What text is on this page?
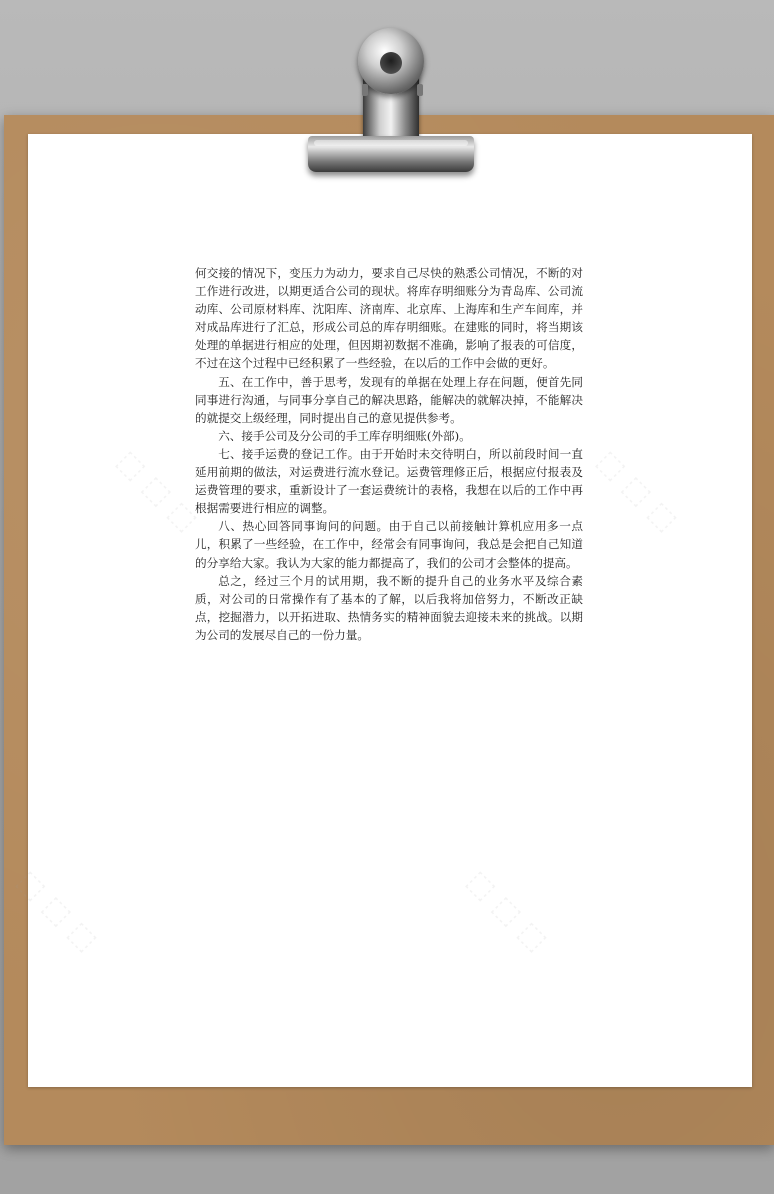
⬚ ⬚ ⬚	⬚ ⬚ ⬚
⬚ ⬚ ⬚	⬚ ⬚ ⬚

何交接的情况下，变压力为动力，要求自己尽快的熟悉公司情况，不断的对工作进行改进，以期更适合公司的现状。将库存明细账分为青岛库、公司流动库、公司原材料库、沈阳库、济南库、北京库、上海库和生产车间库，并对成品库进行了汇总，形成公司总的库存明细账。在建账的同时，将当期该处理的单据进行相应的处理，但因期初数据不准确，影响了报表的可信度，不过在这个过程中已经积累了一些经验，在以后的工作中会做的更好。

五、在工作中，善于思考，发现有的单据在处理上存在问题，便首先同同事进行沟通，与同事分享自己的解决思路，能解决的就解决掉，不能解决的就提交上级经理，同时提出自己的意见提供参考。

六、接手公司及分公司的手工库存明细账(外部)。

七、接手运费的登记工作。由于开始时未交待明白，所以前段时间一直延用前期的做法，对运费进行流水登记。运费管理修正后，根据应付报表及运费管理的要求，重新设计了一套运费统计的表格，我想在以后的工作中再根据需要进行相应的调整。

八、热心回答同事询问的问题。由于自己以前接触计算机应用多一点儿，积累了一些经验，在工作中，经常会有同事询问，我总是会把自己知道的分享给大家。我认为大家的能力都提高了，我们的公司才会整体的提高。

总之，经过三个月的试用期，我不断的提升自己的业务水平及综合素质，对公司的日常操作有了基本的了解，以后我将加倍努力，不断改正缺点，挖掘潜力，以开拓进取、热情务实的精神面貌去迎接未来的挑战。以期为公司的发展尽自己的一份力量。
